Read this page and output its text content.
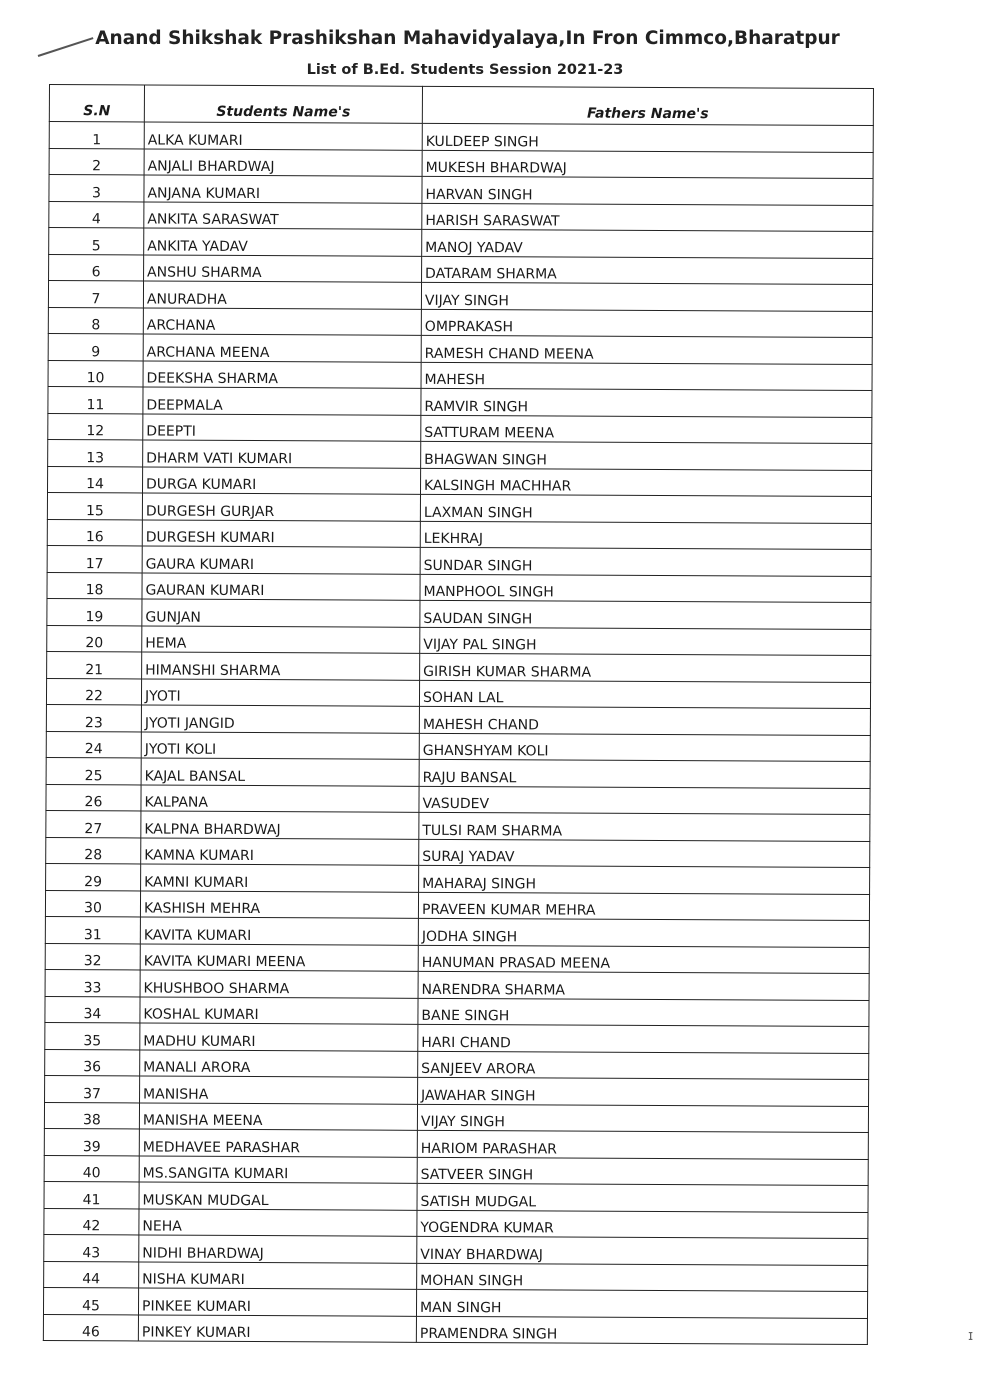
Anand Shikshak Prashikshan Mahavidyalaya,In Fron Cimmco,Bharatpur
List of B.Ed. Students Session 2021-23
S.N	Students Name's	Fathers Name's
1	ALKA KUMARI	KULDEEP SINGH
2	ANJALI BHARDWAJ	MUKESH BHARDWAJ
3	ANJANA KUMARI	HARVAN SINGH
4	ANKITA SARASWAT	HARISH SARASWAT
5	ANKITA YADAV	MANOJ YADAV
6	ANSHU SHARMA	DATARAM SHARMA
7	ANURADHA	VIJAY SINGH
8	ARCHANA	OMPRAKASH
9	ARCHANA MEENA	RAMESH CHAND MEENA
10	DEEKSHA SHARMA	MAHESH
11	DEEPMALA	RAMVIR SINGH
12	DEEPTI	SATTURAM MEENA
13	DHARM VATI KUMARI	BHAGWAN SINGH
14	DURGA KUMARI	KALSINGH MACHHAR
15	DURGESH GURJAR	LAXMAN SINGH
16	DURGESH KUMARI	LEKHRAJ
17	GAURA KUMARI	SUNDAR SINGH
18	GAURAN KUMARI	MANPHOOL SINGH
19	GUNJAN	SAUDAN SINGH
20	HEMA	VIJAY PAL SINGH
21	HIMANSHI SHARMA	GIRISH KUMAR SHARMA
22	JYOTI	SOHAN LAL
23	JYOTI JANGID	MAHESH CHAND
24	JYOTI KOLI	GHANSHYAM KOLI
25	KAJAL BANSAL	RAJU BANSAL
26	KALPANA	VASUDEV
27	KALPNA BHARDWAJ	TULSI RAM SHARMA
28	KAMNA KUMARI	SURAJ YADAV
29	KAMNI KUMARI	MAHARAJ SINGH
30	KASHISH MEHRA	PRAVEEN KUMAR MEHRA
31	KAVITA KUMARI	JODHA SINGH
32	KAVITA KUMARI MEENA	HANUMAN PRASAD MEENA
33	KHUSHBOO SHARMA	NARENDRA SHARMA
34	KOSHAL KUMARI	BANE SINGH
35	MADHU KUMARI	HARI CHAND
36	MANALI ARORA	SANJEEV ARORA
37	MANISHA	JAWAHAR SINGH
38	MANISHA MEENA	VIJAY SINGH
39	MEDHAVEE PARASHAR	HARIOM PARASHAR
40	MS.SANGITA KUMARI	SATVEER SINGH
41	MUSKAN MUDGAL	SATISH MUDGAL
42	NEHA	YOGENDRA KUMAR
43	NIDHI BHARDWAJ	VINAY BHARDWAJ
44	NISHA KUMARI	MOHAN SINGH
45	PINKEE KUMARI	MAN SINGH
46	PINKEY KUMARI	PRAMENDRA SINGH	ɪ
